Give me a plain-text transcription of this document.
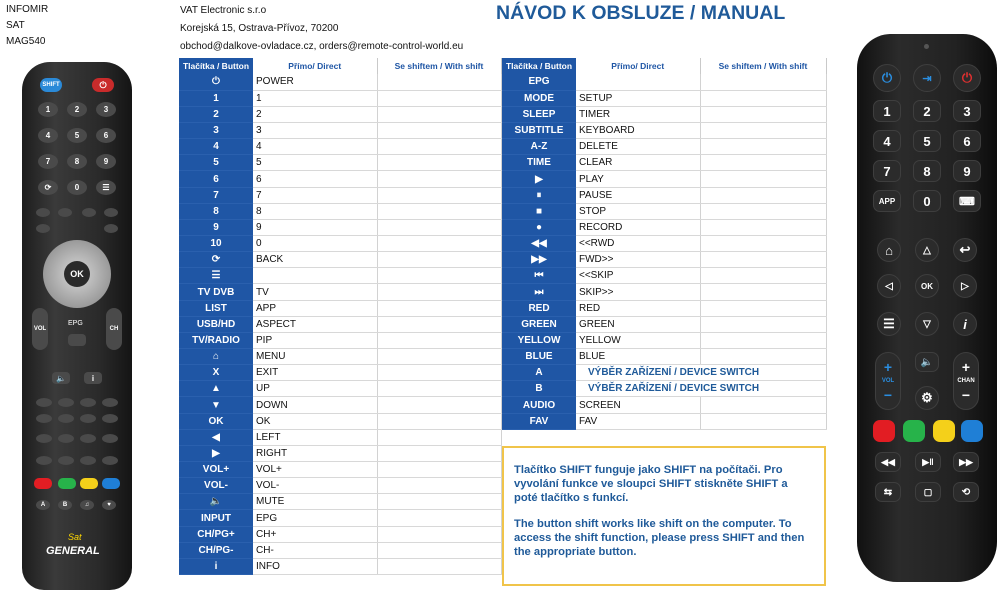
INFOMIR
SAT
MAG540
VAT Electronic s.r.o
Korejská 15, Ostrava-Přívoz, 70200
obchod@dalkove-ovladace.cz, orders@remote-control-world.eu
NÁVOD K OBSLUZE / MANUAL
SHIFT	⏻
1	2	3
4	5	6
7	8	9
⟳	0	☰
OK
VOL	CH
EPG
🔈	i
A	B	♫	♥
Sat
GENERAL
Tlačítka / Button	Přímo/ Direct	Se shiftem / With shift
⏻	POWER	
1	1	
2	2	
3	3	
4	4	
5	5	
6	6	
7	7	
8	8	
9	9	
10	0	
⟳	BACK	
☰		
TV DVB	TV	
LIST	APP	
USB/HD	ASPECT	
TV/RADIO	PIP	
⌂	MENU	
X	EXIT	
▲	UP	
▼	DOWN	
OK	OK	
◀	LEFT	
▶	RIGHT	
VOL+	VOL+	
VOL-	VOL-	
🔈	MUTE	
INPUT	EPG	
CH/PG+	CH+	
CH/PG-	CH-	
i	INFO	
Tlačítka / Button	Přímo/ Direct	Se shiftem / With shift
EPG		
MODE	SETUP	
SLEEP	TIMER	
SUBTITLE	KEYBOARD	
A-Z	DELETE	
TIME	CLEAR	
▶	PLAY	
⏸	PAUSE	
■	STOP	
●	RECORD	
◀◀	<<RWD	
▶▶	FWD>>	
⏮	<<SKIP	
⏭	SKIP>>	
RED	RED	
GREEN	GREEN	
YELLOW	YELLOW	
BLUE	BLUE	
A	VÝBĚR ZAŘÍZENÍ / DEVICE SWITCH	
B	VÝBĚR ZAŘÍZENÍ / DEVICE SWITCH	
AUDIO	SCREEN	
FAV	FAV	

Tlačítko SHIFT funguje jako SHIFT na počítači. Pro vyvolání funkce ve sloupci SHIFT stiskněte SHIFT a poté tlačítko s funkcí.

The button shift works like shift on the computer. To access the shift function, please press SHIFT and then the appropriate button.

⏻	⇥	⏻
1	2	3
4	5	6
7	8	9
APP	0	⌨
⌂	△	↩
◁	OK	▷
☰	▽	i
+
VOL
−
🔈
⚙
+
CHAN
−
◀◀	▶‖	▶▶
⇆	▢	⟲
